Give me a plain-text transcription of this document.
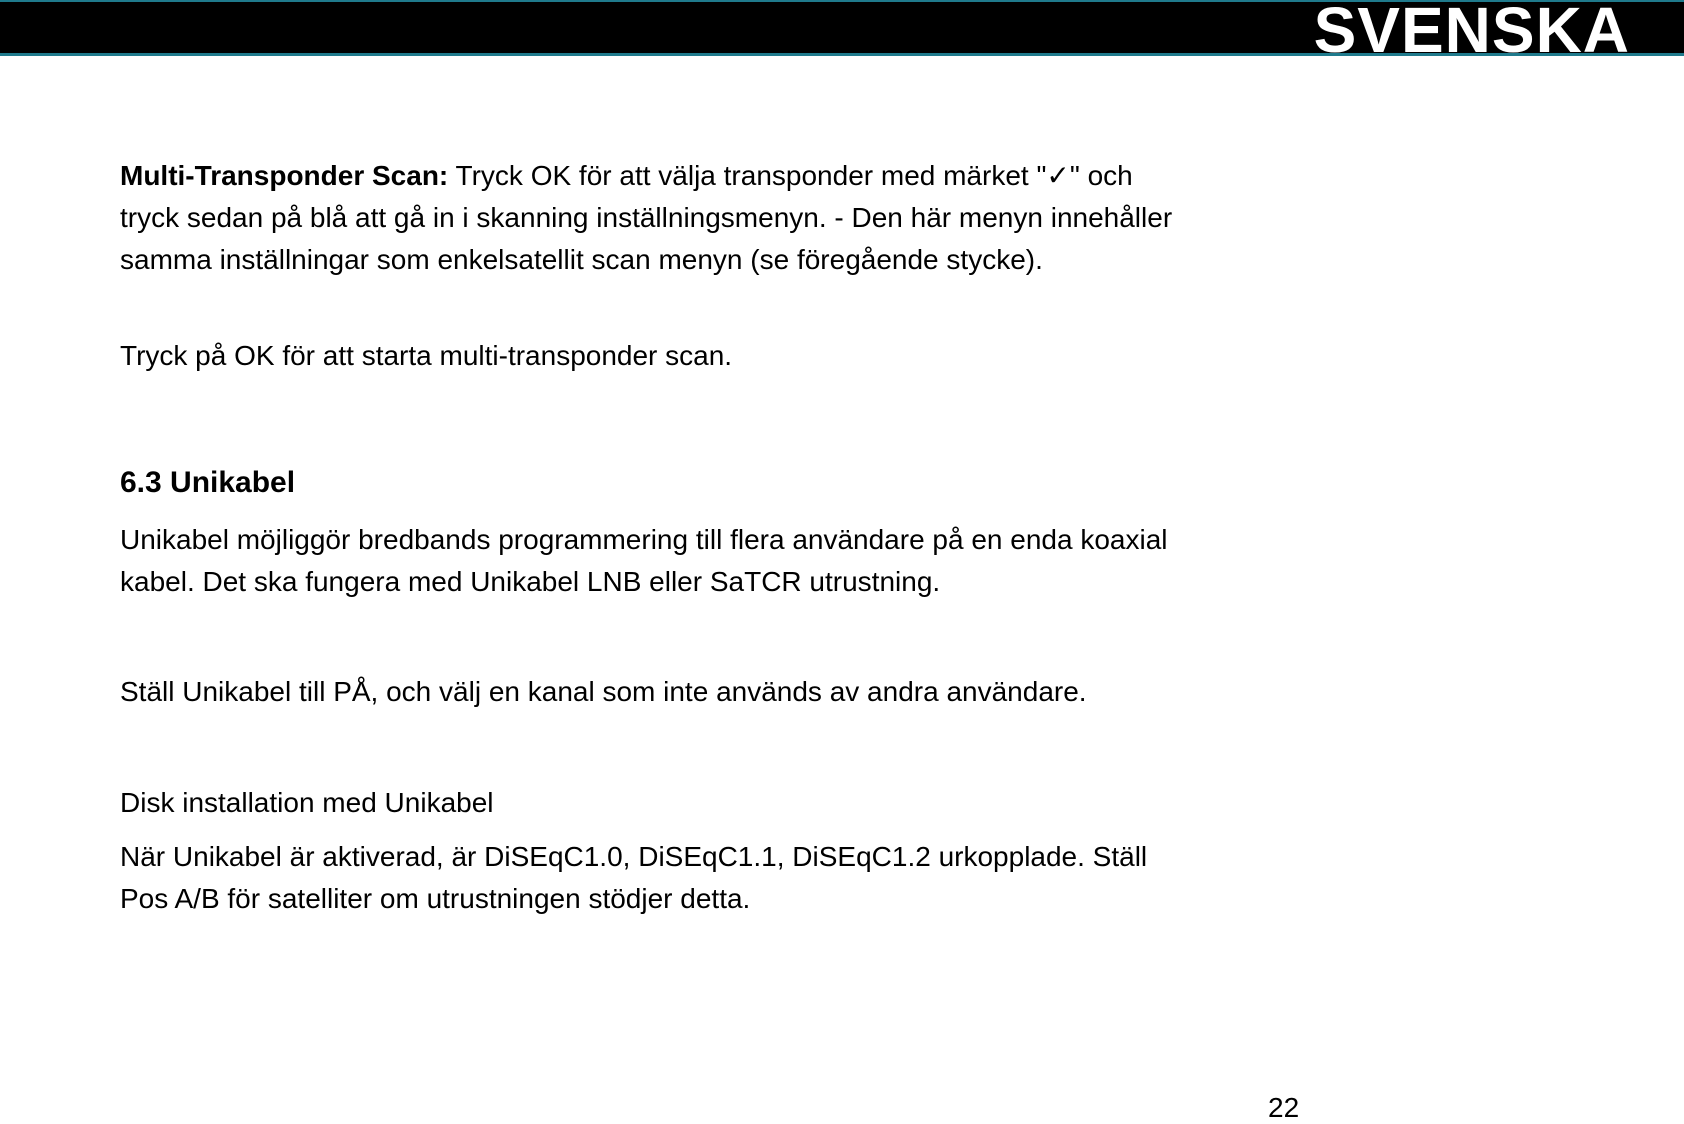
SVENSKA

Multi-Transponder Scan: Tryck OK för att välja transponder med märket "✓" och
tryck sedan på blå att gå in i skanning inställningsmenyn. - Den här menyn innehåller
samma inställningar som enkelsatellit scan menyn (se föregående stycke).

Tryck på OK för att starta multi-transponder scan.

6.3 Unikabel

Unikabel möjliggör bredbands programmering till flera användare på en enda koaxial
kabel. Det ska fungera med Unikabel LNB eller SaTCR utrustning.

Ställ Unikabel till PÅ, och välj en kanal som inte används av andra användare.

Disk installation med Unikabel

När Unikabel är aktiverad, är DiSEqC1.0, DiSEqC1.1, DiSEqC1.2 urkopplade. Ställ
Pos A/B för satelliter om utrustningen stödjer detta.

22
